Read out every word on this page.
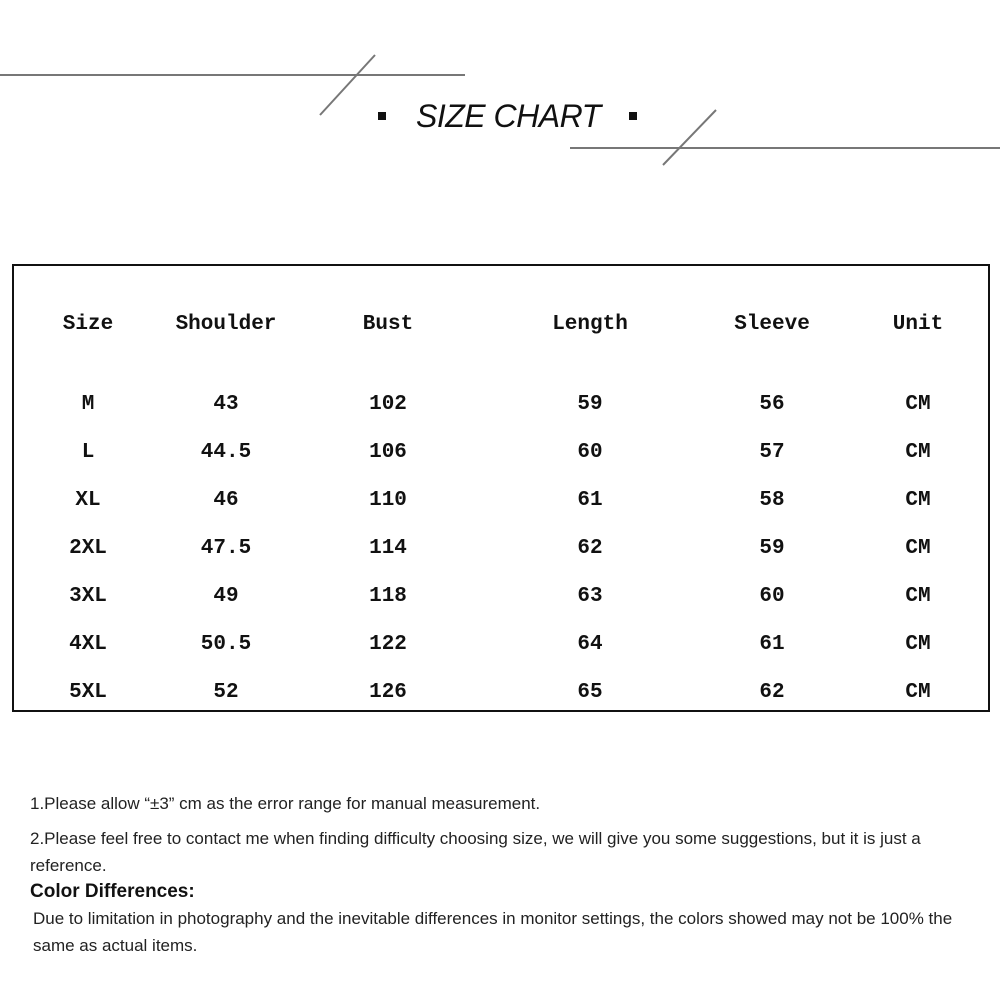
SIZE CHART
Size	Shoulder	Bust	Length	Sleeve	Unit
M	43	102	59	56	CM
L	44.5	106	60	57	CM
XL	46	110	61	58	CM
2XL	47.5	114	62	59	CM
3XL	49	118	63	60	CM
4XL	50.5	122	64	61	CM
5XL	52	126	65	62	CM

1.Please allow “±3” cm as the error range for manual measurement.

2.Please feel free to contact me when finding difficulty choosing size, we will give you some suggestions, but it is just a reference.

Color Differences:

Due to limitation in photography and the inevitable differences in monitor settings, the colors showed may not be 100% the same as actual items.
